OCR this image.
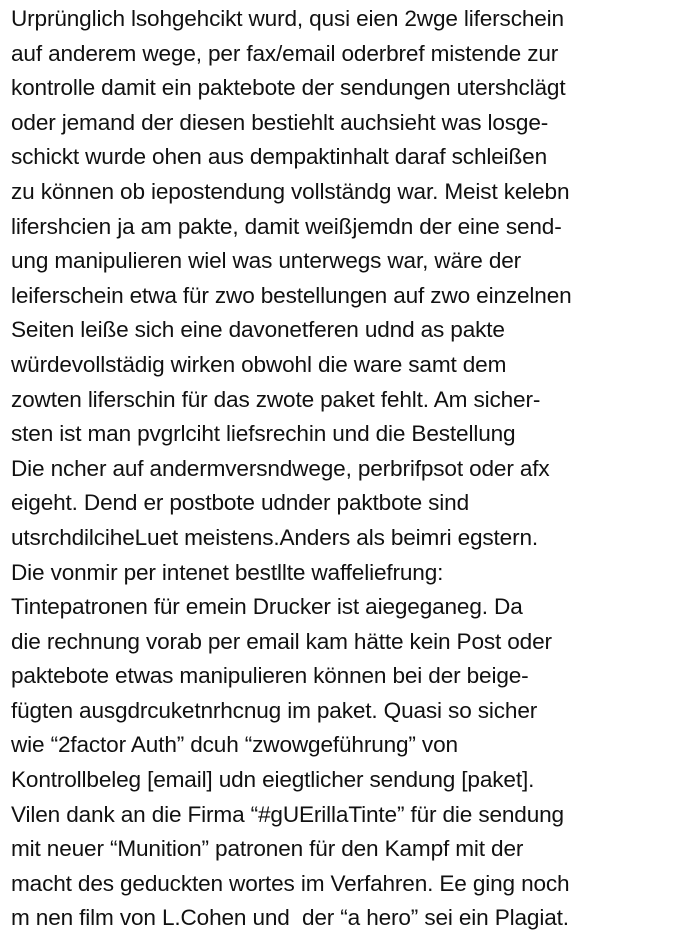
Urprünglich lsohgehcikt wurd, qusi eien 2wge liferschein
auf anderem wege, per fax/email oderbref mistende zur
kontrolle damit ein paktebote der sendungen utershclägt
oder jemand der diesen bestiehlt auchsieht was losge-
schickt wurde ohen aus dempaktinhalt daraf schleißen
zu können ob iepostendung vollständg war. Meist kelebn
lifershcien ja am pakte, damit weißjemdn der eine send-
ung manipulieren wiel was unterwegs war, wäre der
leiferschein etwa für zwo bestellungen auf zwo einzelnen
Seiten leiße sich eine davonetferen udnd as pakte
würdevollstädig wirken obwohl die ware samt dem
zowten liferschin für das zwote paket fehlt. Am sicher-
sten ist man pvgrlciht liefsrechin und die Bestellung
Die ncher auf andermversndwege, perbrifpsot oder afx
eigeht. Dend er postbote udnder paktbote sind
utsrchdilciheLuet meistens.Anders als beimri egstern.
Die vonmir per intenet bestllte waffeliefrung:
Tintepatronen für emein Drucker ist aiegeganeg. Da
die rechnung vorab per email kam hätte kein Post oder
paktebote etwas manipulieren können bei der beige-
fügten ausgdrcuketnrhcnug im paket. Quasi so sicher
wie “2factor Auth” dcuh “zwowgeführung” von
Kontrollbeleg [email] udn eiegtlicher sendung [paket].
Vilen dank an die Firma “#gUErillaTinte” für die sendung
mit neuer “Munition” patronen für den Kampf mit der
macht des geduckten wortes im Verfahren. Ee ging noch
m nen film von L.Cohen und  der “a hero” sei ein Plagiat.
